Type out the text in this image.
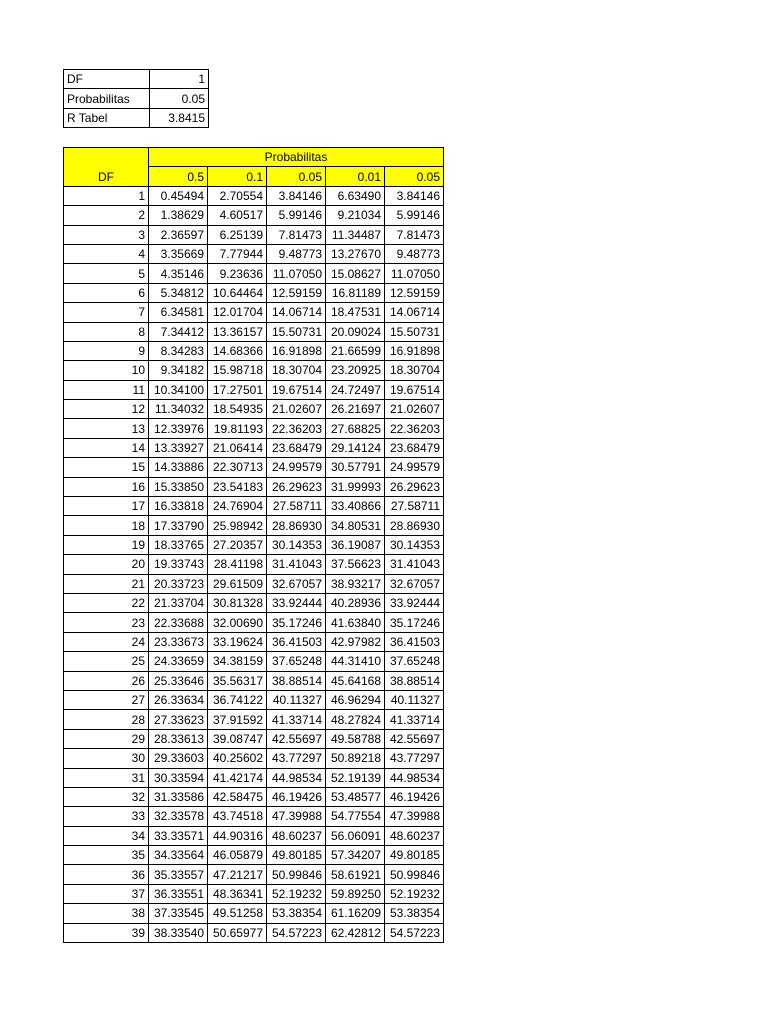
DF	1
Probabilitas	0.05
R Tabel	3.8415
DF	Probabilitas				
	0.5	0.1	0.05	0.01	0.05
1	0.45494	2.70554	3.84146	6.63490	3.84146
2	1.38629	4.60517	5.99146	9.21034	5.99146
3	2.36597	6.25139	7.81473	11.34487	7.81473
4	3.35669	7.77944	9.48773	13.27670	9.48773
5	4.35146	9.23636	11.07050	15.08627	11.07050
6	5.34812	10.64464	12.59159	16.81189	12.59159
7	6.34581	12.01704	14.06714	18.47531	14.06714
8	7.34412	13.36157	15.50731	20.09024	15.50731
9	8.34283	14.68366	16.91898	21.66599	16.91898
10	9.34182	15.98718	18.30704	23.20925	18.30704
11	10.34100	17.27501	19.67514	24.72497	19.67514
12	11.34032	18.54935	21.02607	26.21697	21.02607
13	12.33976	19.81193	22.36203	27.68825	22.36203
14	13.33927	21.06414	23.68479	29.14124	23.68479
15	14.33886	22.30713	24.99579	30.57791	24.99579
16	15.33850	23.54183	26.29623	31.99993	26.29623
17	16.33818	24.76904	27.58711	33.40866	27.58711
18	17.33790	25.98942	28.86930	34.80531	28.86930
19	18.33765	27.20357	30.14353	36.19087	30.14353
20	19.33743	28.41198	31.41043	37.56623	31.41043
21	20.33723	29.61509	32.67057	38.93217	32.67057
22	21.33704	30.81328	33.92444	40.28936	33.92444
23	22.33688	32.00690	35.17246	41.63840	35.17246
24	23.33673	33.19624	36.41503	42.97982	36.41503
25	24.33659	34.38159	37.65248	44.31410	37.65248
26	25.33646	35.56317	38.88514	45.64168	38.88514
27	26.33634	36.74122	40.11327	46.96294	40.11327
28	27.33623	37.91592	41.33714	48.27824	41.33714
29	28.33613	39.08747	42.55697	49.58788	42.55697
30	29.33603	40.25602	43.77297	50.89218	43.77297
31	30.33594	41.42174	44.98534	52.19139	44.98534
32	31.33586	42.58475	46.19426	53.48577	46.19426
33	32.33578	43.74518	47.39988	54.77554	47.39988
34	33.33571	44.90316	48.60237	56.06091	48.60237
35	34.33564	46.05879	49.80185	57.34207	49.80185
36	35.33557	47.21217	50.99846	58.61921	50.99846
37	36.33551	48.36341	52.19232	59.89250	52.19232
38	37.33545	49.51258	53.38354	61.16209	53.38354
39	38.33540	50.65977	54.57223	62.42812	54.57223
